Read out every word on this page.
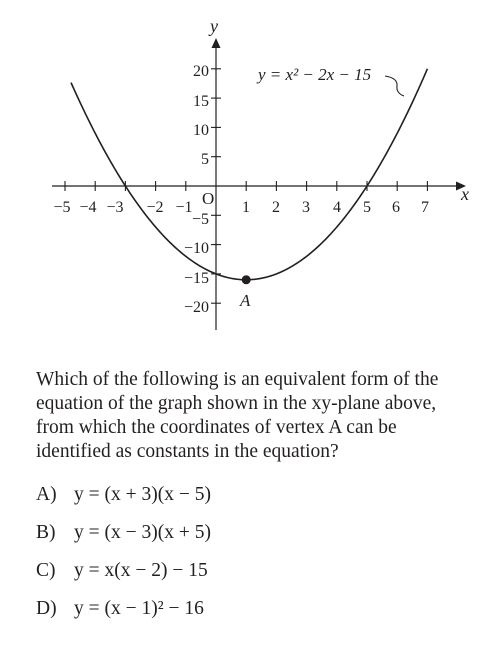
y
x
O
y = x² − 2x − 15
A
−5 −4 −3 −2 −1	1 2 3 4 5 6 7
20
15
10
5
−5
−10
−15
−20
Which of the following is an equivalent form of the
equation of the graph shown in the xy-plane above,
from which the coordinates of vertex A can be
identified as constants in the equation?
A) y = (x + 3)(x − 5)
B) y = (x − 3)(x + 5)
C) y = x(x − 2) − 15
D) y = (x − 1)² − 16
